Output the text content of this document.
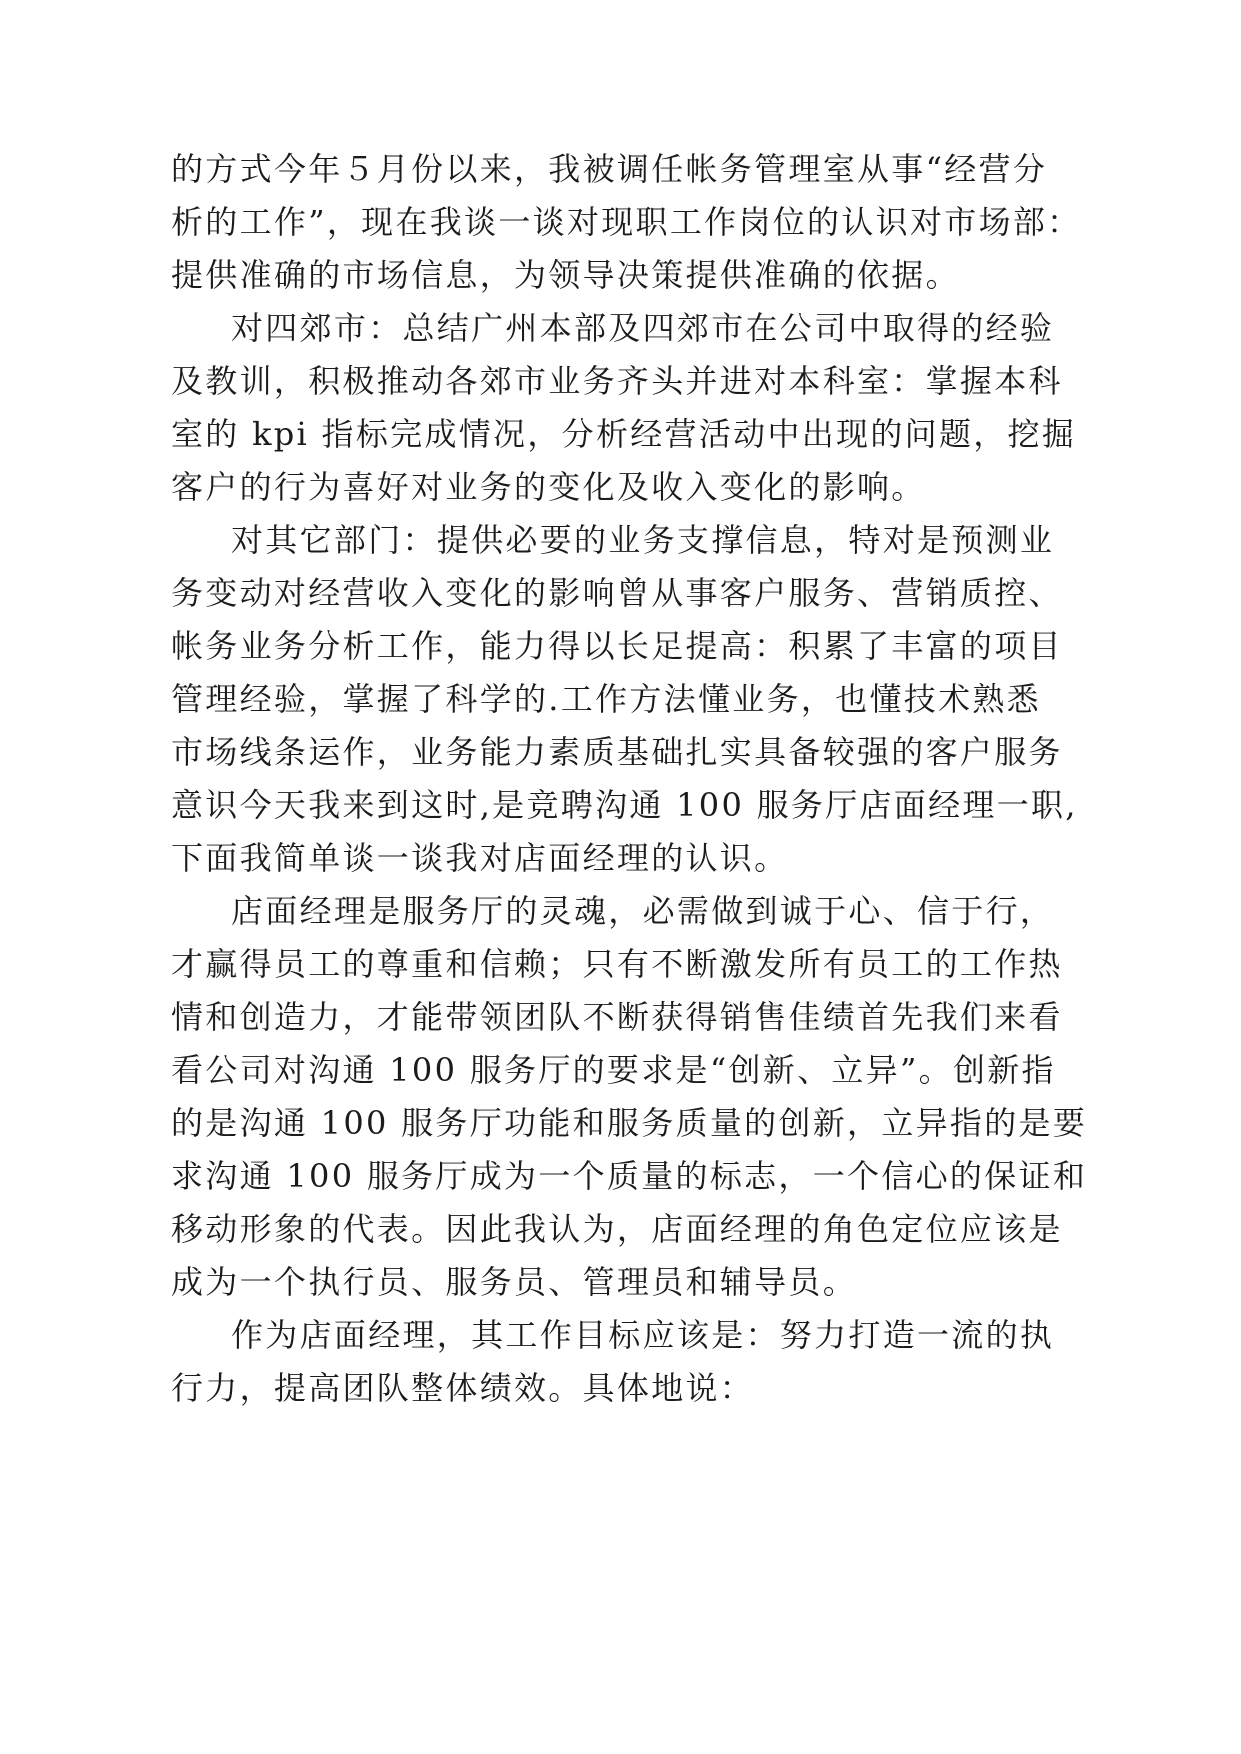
的方式今年５月份以来，我被调任帐务管理室从事“经营分
析的工作”，现在我谈一谈对现职工作岗位的认识对市场部：
提供准确的市场信息，为领导决策提供准确的依据。
对四郊市：总结广州本部及四郊市在公司中取得的经验
及教训，积极推动各郊市业务齐头并进对本科室：掌握本科
室的 kpi 指标完成情况，分析经营活动中出现的问题，挖掘
客户的行为喜好对业务的变化及收入变化的影响。
对其它部门：提供必要的业务支撑信息，特对是预测业
务变动对经营收入变化的影响曾从事客户服务、营销质控、
帐务业务分析工作，能力得以长足提高：积累了丰富的项目
管理经验，掌握了科学的.工作方法懂业务，也懂技术熟悉
市场线条运作，业务能力素质基础扎实具备较强的客户服务
意识今天我来到这时,是竞聘沟通 100 服务厅店面经理一职,
下面我简单谈一谈我对店面经理的认识。
店面经理是服务厅的灵魂，必需做到诚于心、信于行，
才赢得员工的尊重和信赖；只有不断激发所有员工的工作热
情和创造力，才能带领团队不断获得销售佳绩首先我们来看
看公司对沟通 100 服务厅的要求是“创新、立异”。创新指
的是沟通 100 服务厅功能和服务质量的创新，立异指的是要
求沟通 100 服务厅成为一个质量的标志，一个信心的保证和
移动形象的代表。因此我认为，店面经理的角色定位应该是
成为一个执行员、服务员、管理员和辅导员。
作为店面经理，其工作目标应该是：努力打造一流的执
行力，提高团队整体绩效。具体地说：
